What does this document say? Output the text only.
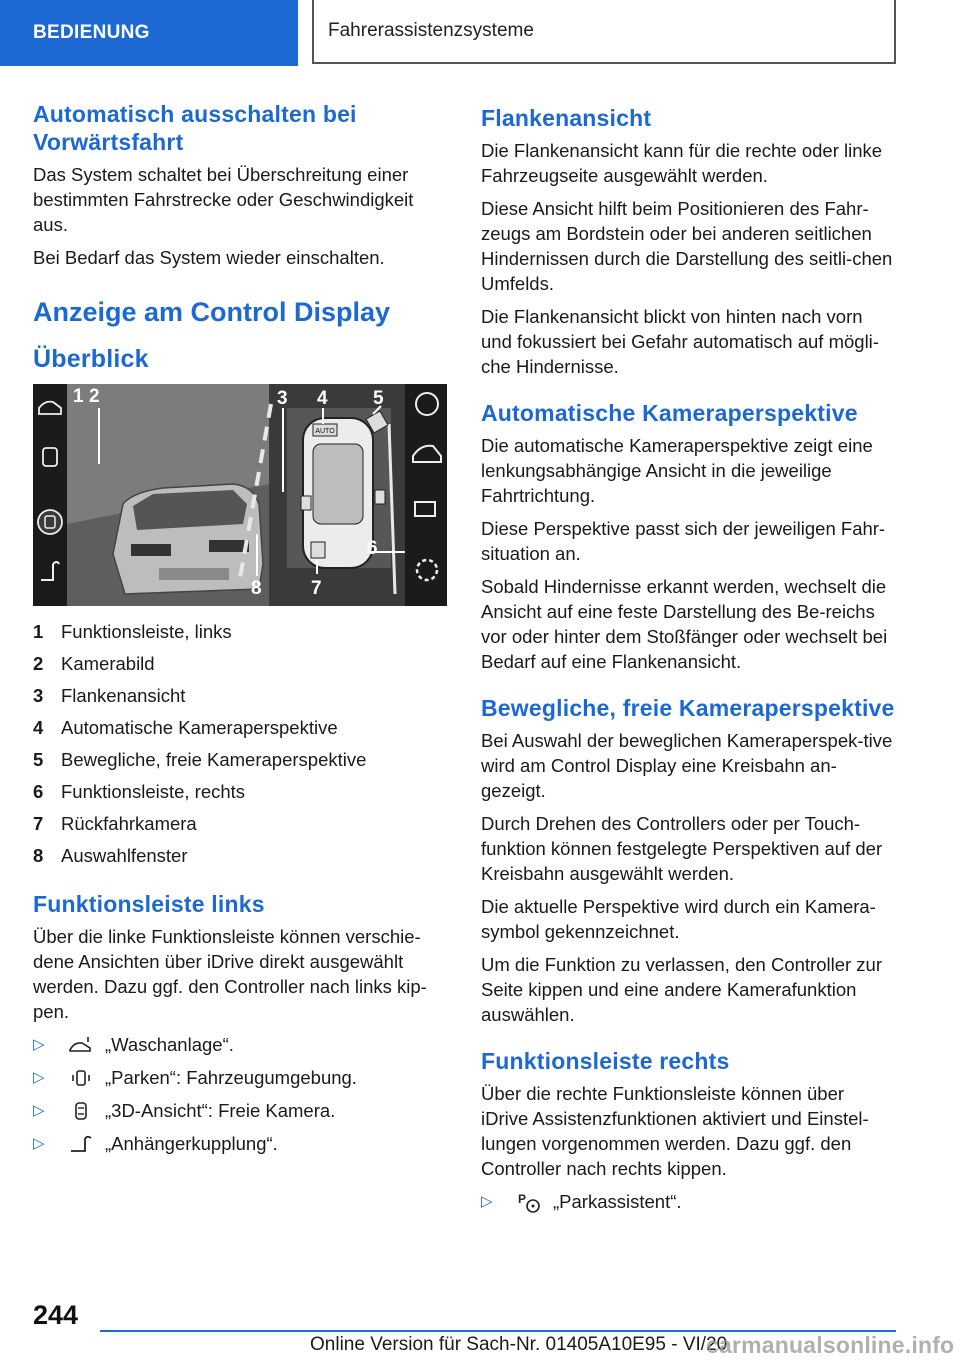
BEDIENUNG	Fahrerassistenzsysteme
Automatisch ausschalten bei Vorwärtsfahrt

Das System schaltet bei Überschreitung einer bestimmten Fahrstrecke oder Geschwindigkeit aus.

Bei Bedarf das System wieder einschalten.

Anzeige am Control Display
Überblick
AUTO
1 2	3 4 5
6
7
8
1 Funktionsleiste, links
2 Kamerabild
3 Flankenansicht
4 Automatische Kameraperspektive
5 Bewegliche, freie Kameraperspektive
6 Funktionsleiste, rechts
7 Rückfahrkamera
8 Auswahlfenster
Funktionsleiste links

Über die linke Funktionsleiste können verschie-dene Ansichten über iDrive direkt ausgewählt werden. Dazu ggf. den Controller nach links kip-pen.

▷	„Waschanlage“.
▷	„Parken“: Fahrzeugumgebung.
▷	„3D-Ansicht“: Freie Kamera.
▷	„Anhängerkupplung“.
Flankenansicht

Die Flankenansicht kann für die rechte oder linke Fahrzeugseite ausgewählt werden.

Diese Ansicht hilft beim Positionieren des Fahr-zeugs am Bordstein oder bei anderen seitlichen Hindernissen durch die Darstellung des seitli-chen Umfelds.

Die Flankenansicht blickt von hinten nach vorn und fokussiert bei Gefahr automatisch auf mögli-che Hindernisse.

Automatische Kameraperspektive

Die automatische Kameraperspektive zeigt eine lenkungsabhängige Ansicht in die jeweilige Fahrtrichtung.

Diese Perspektive passt sich der jeweiligen Fahr-situation an.

Sobald Hindernisse erkannt werden, wechselt die Ansicht auf eine feste Darstellung des Be-reichs vor oder hinter dem Stoßfänger oder wechselt bei Bedarf auf eine Flankenansicht.

Bewegliche, freie Kameraperspektive

Bei Auswahl der beweglichen Kameraperspek-tive wird am Control Display eine Kreisbahn an-gezeigt.

Durch Drehen des Controllers oder per Touch-funktion können festgelegte Perspektiven auf der Kreisbahn ausgewählt werden.

Die aktuelle Perspektive wird durch ein Kamera-symbol gekennzeichnet.

Um die Funktion zu verlassen, den Controller zur Seite kippen und eine andere Kamerafunktion auswählen.

Funktionsleiste rechts

Über die rechte Funktionsleiste können über iDrive Assistenzfunktionen aktiviert und Einstel-lungen vorgenommen werden. Dazu ggf. den Controller nach rechts kippen.

▷	P „Parkassistent“.
244
Online Version für Sach-Nr. 01405A10E95 - VI/20
carmanualsonline.info
